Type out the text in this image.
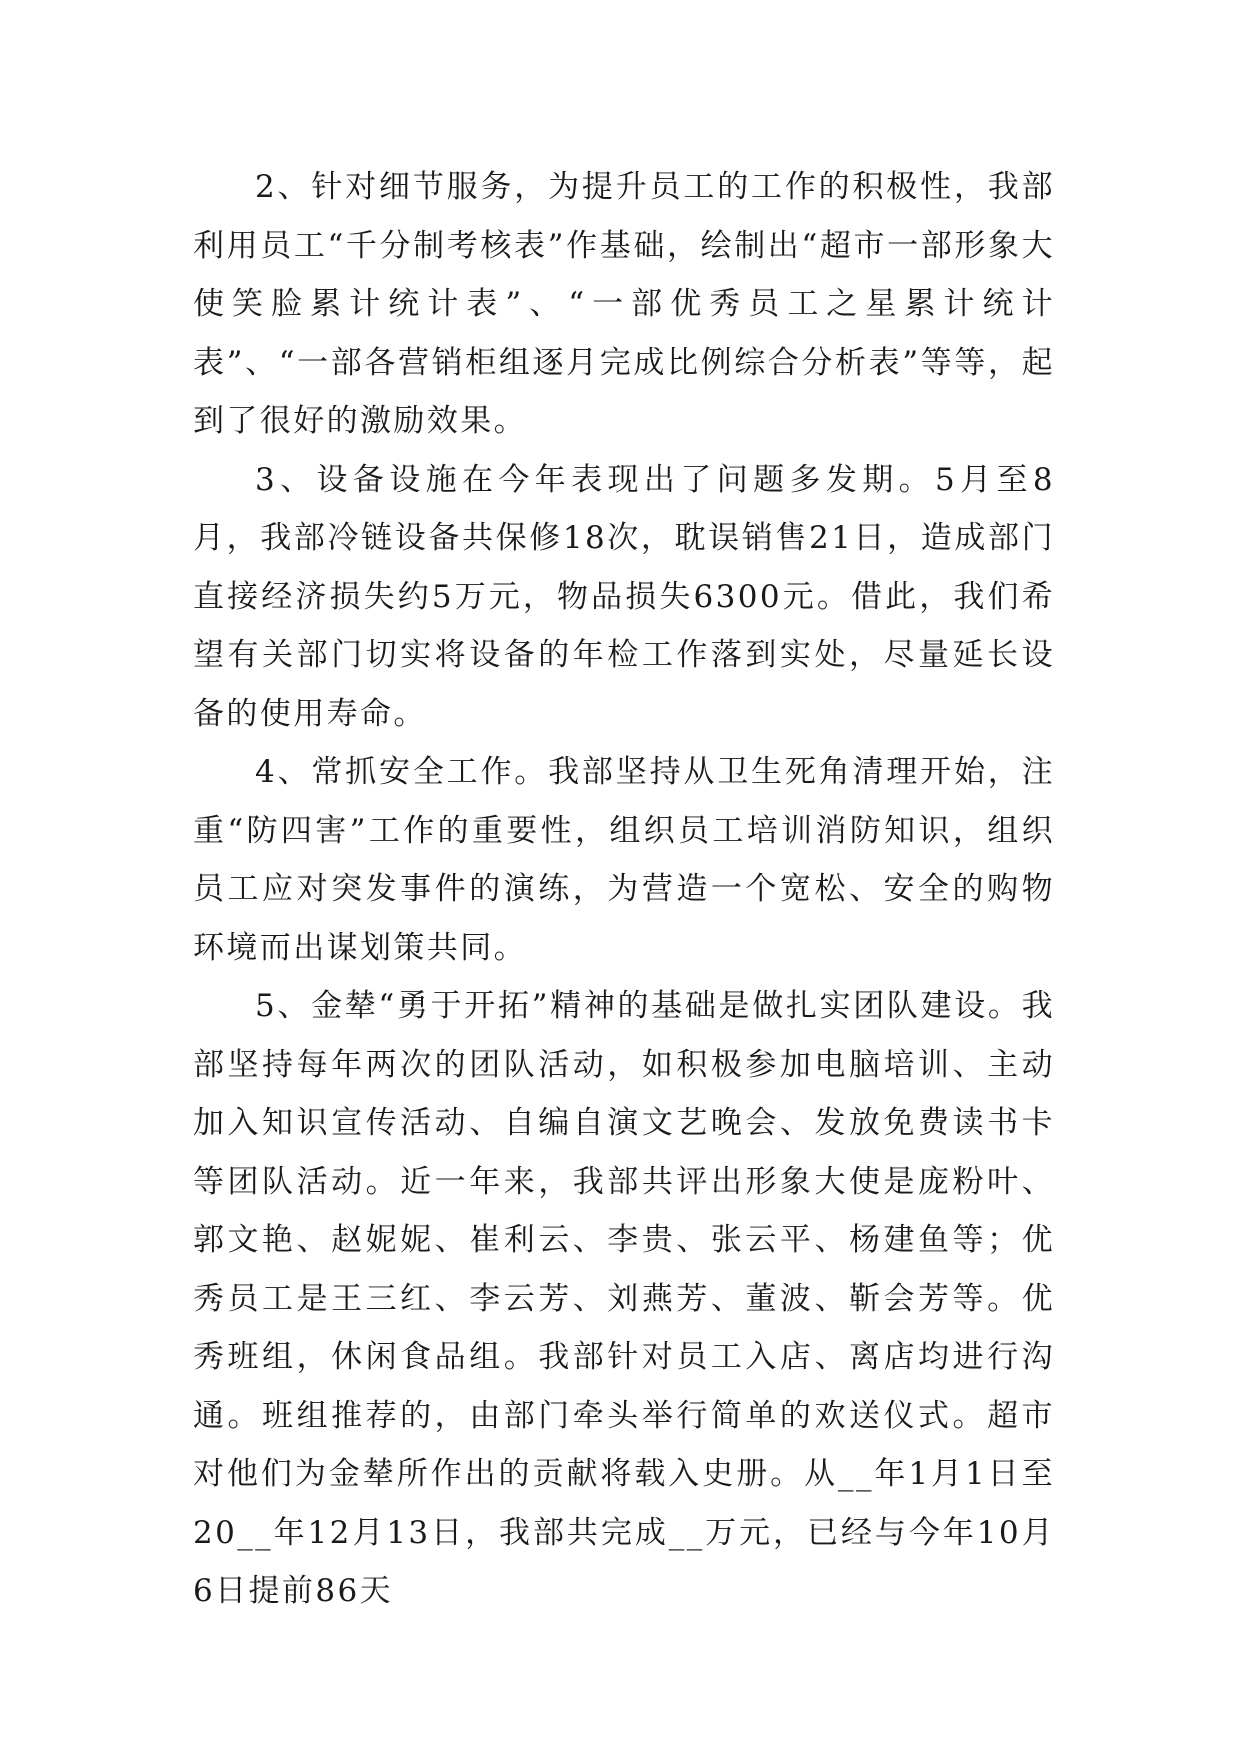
2、针对细节服务，为提升员工的工作的积极性，我部利用员工“千分制考核表”作基础，绘制出“超市一部形象大使笑脸累计统计表”、“一部优秀员工之星累计统计表”、“一部各营销柜组逐月完成比例综合分析表”等等，起到了很好的激励效果。

3、设备设施在今年表现出了问题多发期。5月至8月，我部冷链设备共保修18次，耽误销售21日，造成部门直接经济损失约5万元，物品损失6300元。借此，我们希望有关部门切实将设备的年检工作落到实处，尽量延长设备的使用寿命。

4、常抓安全工作。我部坚持从卫生死角清理开始，注重“防四害”工作的重要性，组织员工培训消防知识，组织员工应对突发事件的演练，为营造一个宽松、安全的购物环境而出谋划策共同。

5、金辇“勇于开拓”精神的基础是做扎实团队建设。我部坚持每年两次的团队活动，如积极参加电脑培训、主动加入知识宣传活动、自编自演文艺晚会、发放免费读书卡等团队活动。近一年来，我部共评出形象大使是庞粉叶、郭文艳、赵妮妮、崔利云、李贵、张云平、杨建鱼等；优秀员工是王三红、李云芳、刘燕芳、董波、靳会芳等。优秀班组，休闲食品组。我部针对员工入店、离店均进行沟通。班组推荐的，由部门牵头举行简单的欢送仪式。超市对他们为金辇所作出的贡献将载入史册。从__年1月1日至20__年12月13日，我部共完成__万元，已经与今年10月6日提前86天
